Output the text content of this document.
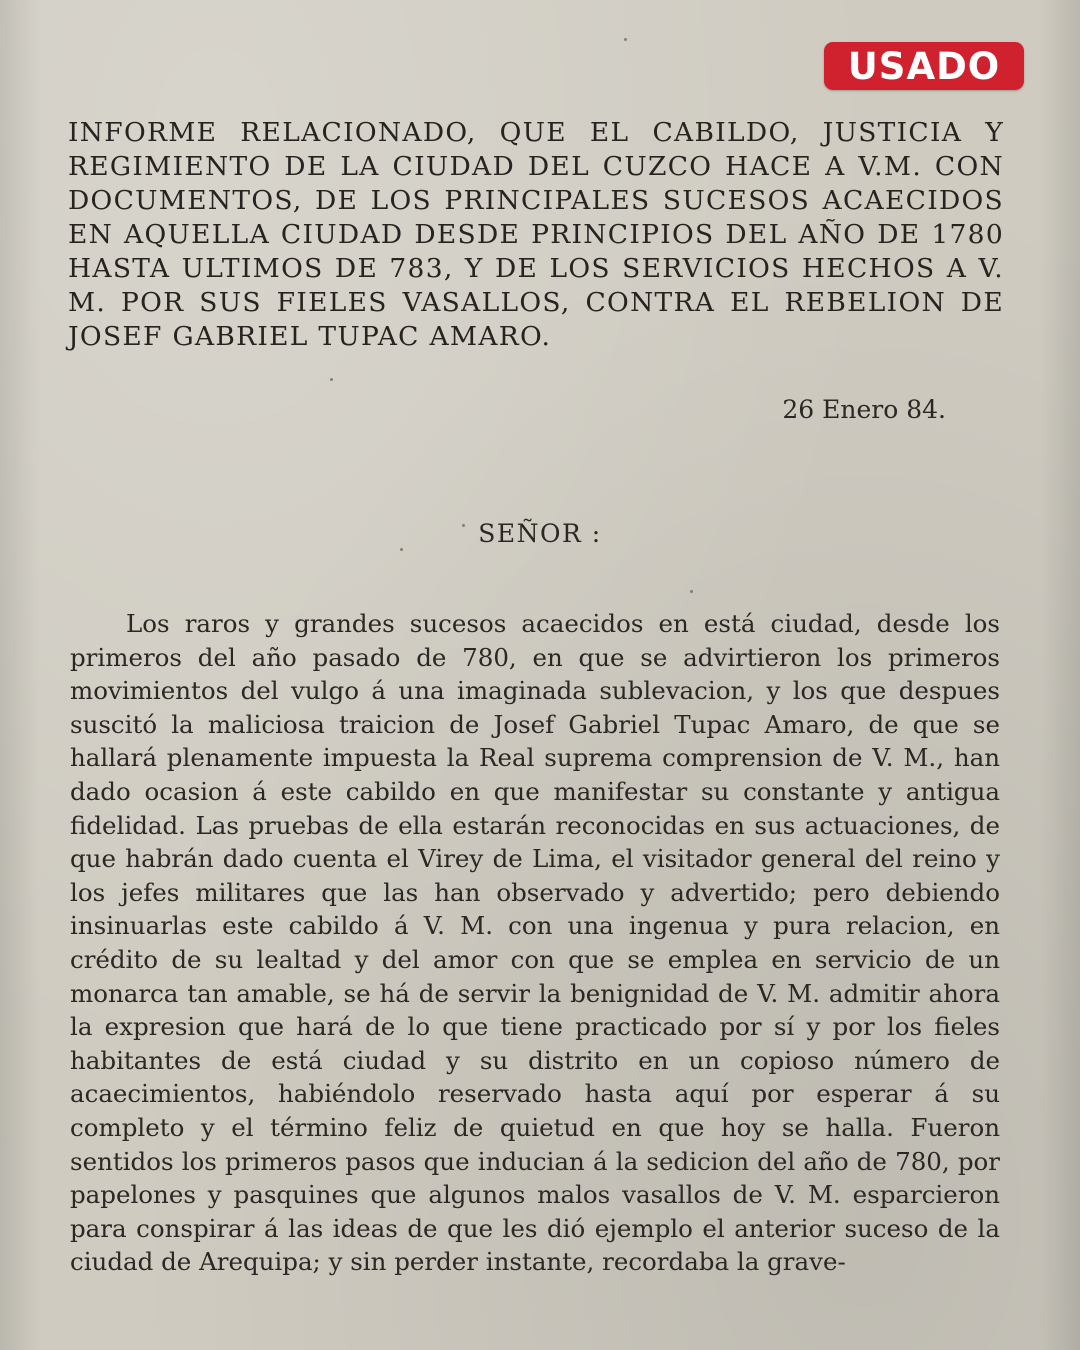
USADO
INFORME RELACIONADO, QUE EL CABILDO, JUSTICIA Y REGIMIENTO DE LA CIUDAD DEL CUZCO HACE A V.M. CON DOCUMENTOS, DE LOS PRINCIPALES SUCESOS ACAECIDOS EN AQUELLA CIUDAD DESDE PRINCIPIOS DEL AÑO DE 1780 HASTA ULTIMOS DE 783, Y DE LOS SERVICIOS HECHOS A V. M. POR SUS FIELES VASALLOS, CONTRA EL REBELION DE JOSEF GABRIEL TUPAC AMARO.
26 Enero 84.
SEÑOR :

Los raros y grandes sucesos acaecidos en está ciudad, desde los primeros del año pasado de 780, en que se advirtieron los primeros movimientos del vulgo á una imaginada sublevacion, y los que despues suscitó la maliciosa traicion de Josef Gabriel Tupac Amaro, de que se hallará plenamente impuesta la Real suprema comprension de V. M., han dado ocasion á este cabildo en que manifestar su constante y antigua fidelidad. Las pruebas de ella estarán reconocidas en sus actuaciones, de que habrán dado cuenta el Virey de Lima, el visitador general del reino y los jefes militares que las han observado y advertido; pero debiendo insinuarlas este cabildo á V. M. con una ingenua y pura relacion, en crédito de su lealtad y del amor con que se emplea en servicio de un monarca tan amable, se há de servir la benignidad de V. M. admitir ahora la expresion que hará de lo que tiene practicado por sí y por los fieles habitantes de está ciudad y su distrito en un copioso número de acaecimientos, habiéndolo reservado hasta aquí por esperar á su completo y el término feliz de quietud en que hoy se halla. Fueron sentidos los primeros pasos que inducian á la sedicion del año de 780, por papelones y pasquines que algunos malos vasallos de V. M. esparcieron para conspirar á las ideas de que les dió ejemplo el anterior suceso de la ciudad de Arequipa; y sin perder instante, recordaba la grave-
